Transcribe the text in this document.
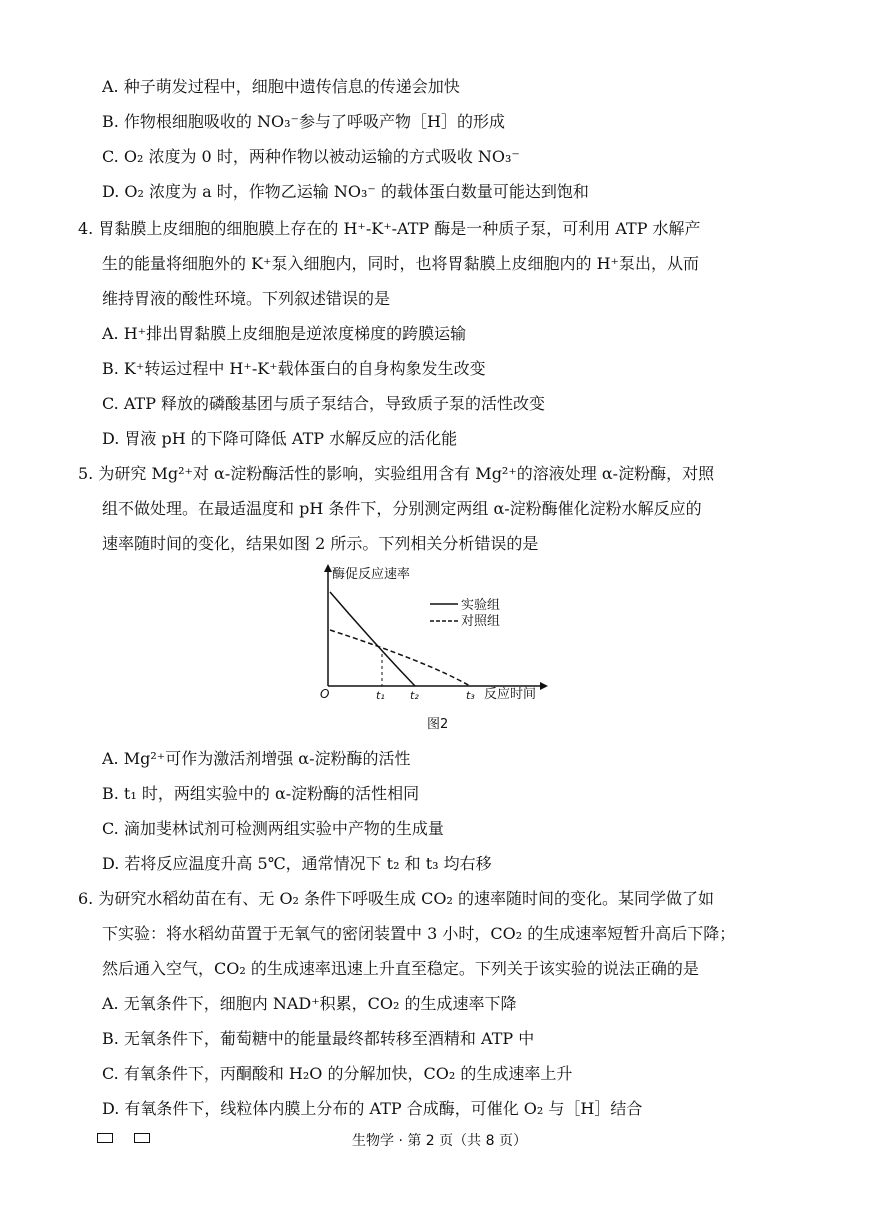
A. 种子萌发过程中，细胞中遗传信息的传递会加快
B. 作物根细胞吸收的 NO₃⁻参与了呼吸产物［H］的形成
C. O₂ 浓度为 0 时，两种作物以被动运输的方式吸收 NO₃⁻
D. O₂ 浓度为 a 时，作物乙运输 NO₃⁻ 的载体蛋白数量可能达到饱和
4. 胃黏膜上皮细胞的细胞膜上存在的 H⁺-K⁺-ATP 酶是一种质子泵，可利用 ATP 水解产
生的能量将细胞外的 K⁺泵入细胞内，同时，也将胃黏膜上皮细胞内的 H⁺泵出，从而
维持胃液的酸性环境。下列叙述错误的是
A. H⁺排出胃黏膜上皮细胞是逆浓度梯度的跨膜运输
B. K⁺转运过程中 H⁺-K⁺载体蛋白的自身构象发生改变
C. ATP 释放的磷酸基团与质子泵结合，导致质子泵的活性改变
D. 胃液 pH 的下降可降低 ATP 水解反应的活化能
5. 为研究 Mg²⁺对 α-淀粉酶活性的影响，实验组用含有 Mg²⁺的溶液处理 α-淀粉酶，对照
组不做处理。在最适温度和 pH 条件下，分别测定两组 α-淀粉酶催化淀粉水解反应的
速率随时间的变化，结果如图 2 所示。下列相关分析错误的是
A. Mg²⁺可作为激活剂增强 α-淀粉酶的活性
B. t₁ 时，两组实验中的 α-淀粉酶的活性相同
C. 滴加斐林试剂可检测两组实验中产物的生成量
D. 若将反应温度升高 5℃，通常情况下 t₂ 和 t₃ 均右移
6. 为研究水稻幼苗在有、无 O₂ 条件下呼吸生成 CO₂ 的速率随时间的变化。某同学做了如
下实验：将水稻幼苗置于无氧气的密闭装置中 3 小时，CO₂ 的生成速率短暂升高后下降；
然后通入空气，CO₂ 的生成速率迅速上升直至稳定。下列关于该实验的说法正确的是
A. 无氧条件下，细胞内 NAD⁺积累，CO₂ 的生成速率下降
B. 无氧条件下，葡萄糖中的能量最终都转移至酒精和 ATP 中
C. 有氧条件下，丙酮酸和 H₂O 的分解加快，CO₂ 的生成速率上升
D. 有氧条件下，线粒体内膜上分布的 ATP 合成酶，可催化 O₂ 与［H］结合
实验组
对照组
酶促反应速率
反应时间
O	t₁ t₂	t₃
图2
生物学 · 第 2 页（共 8 页）
